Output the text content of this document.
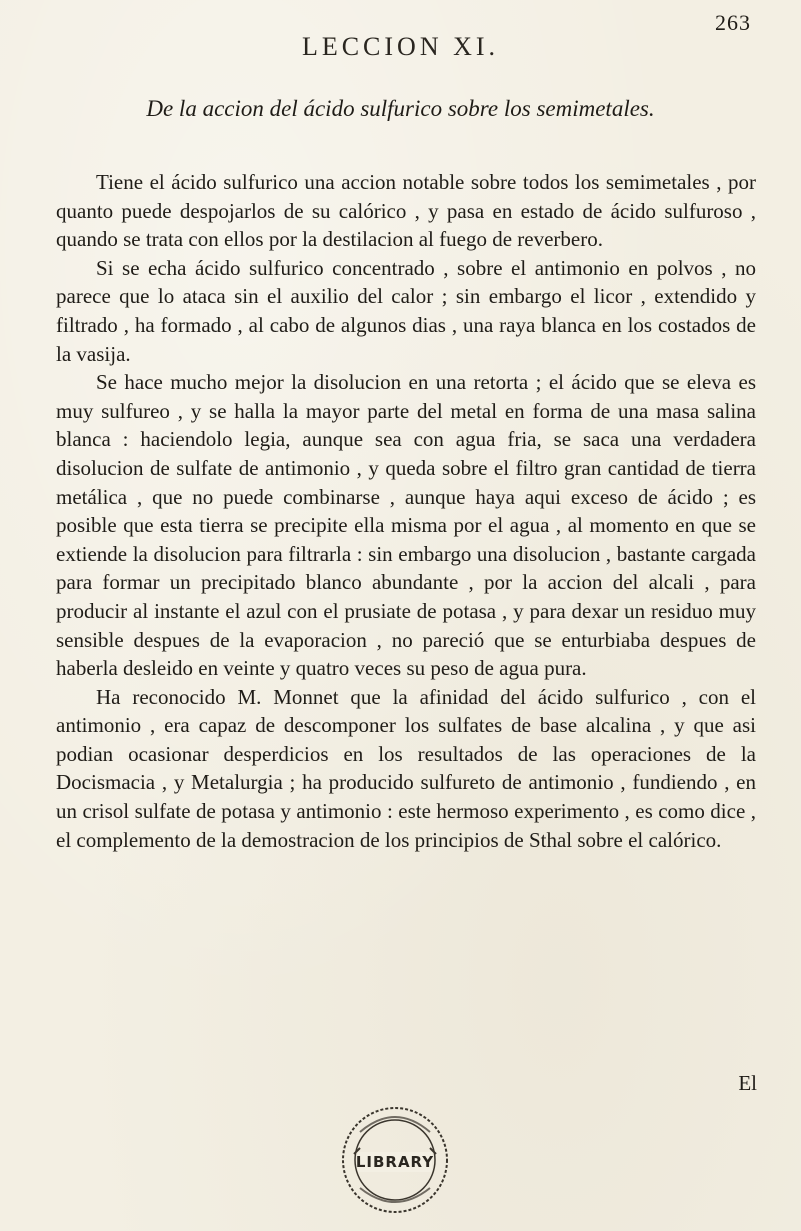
263
LECCION XI.
De la accion del ácido sulfurico sobre los semimetales.

Tiene el ácido sulfurico una accion notable sobre todos los semimetales , por quanto puede despojarlos de su calórico , y pasa en estado de ácido sulfuroso , quando se trata con ellos por la destilacion al fuego de reverbero.

Si se echa ácido sulfurico concentrado , sobre el antimonio en polvos , no parece que lo ataca sin el auxilio del calor ; sin embargo el licor , extendido y filtrado , ha formado , al cabo de algunos dias , una raya blanca en los costados de la vasija.

Se hace mucho mejor la disolucion en una retorta ; el ácido que se eleva es muy sulfureo , y se halla la mayor parte del metal en forma de una masa salina blanca : haciendolo legia, aunque sea con agua fria, se saca una verdadera disolucion de sulfate de antimonio , y queda sobre el filtro gran cantidad de tierra metálica , que no puede combinarse , aunque haya aqui exceso de ácido ; es posible que esta tierra se precipite ella misma por el agua , al momento en que se extiende la disolucion para filtrarla : sin embargo una disolucion , bastante cargada para formar un precipitado blanco abundante , por la accion del alcali , para producir al instante el azul con el prusiate de potasa , y para dexar un residuo muy sensible despues de la evaporacion , no pareció que se enturbiaba despues de haberla desleido en veinte y quatro veces su peso de agua pura.

Ha reconocido M. Monnet que la afinidad del ácido sulfurico , con el antimonio , era capaz de descomponer los sulfates de base alcalina , y que asi podian ocasionar desperdicios en los resultados de las operaciones de la Docismacia , y Metalurgia ; ha producido sulfureto de antimonio , fundiendo , en un crisol sulfate de potasa y antimonio : este hermoso experimento , es como dice , el complemento de la demostracion de los principios de Sthal sobre el calórico.

El
LIBRARY
